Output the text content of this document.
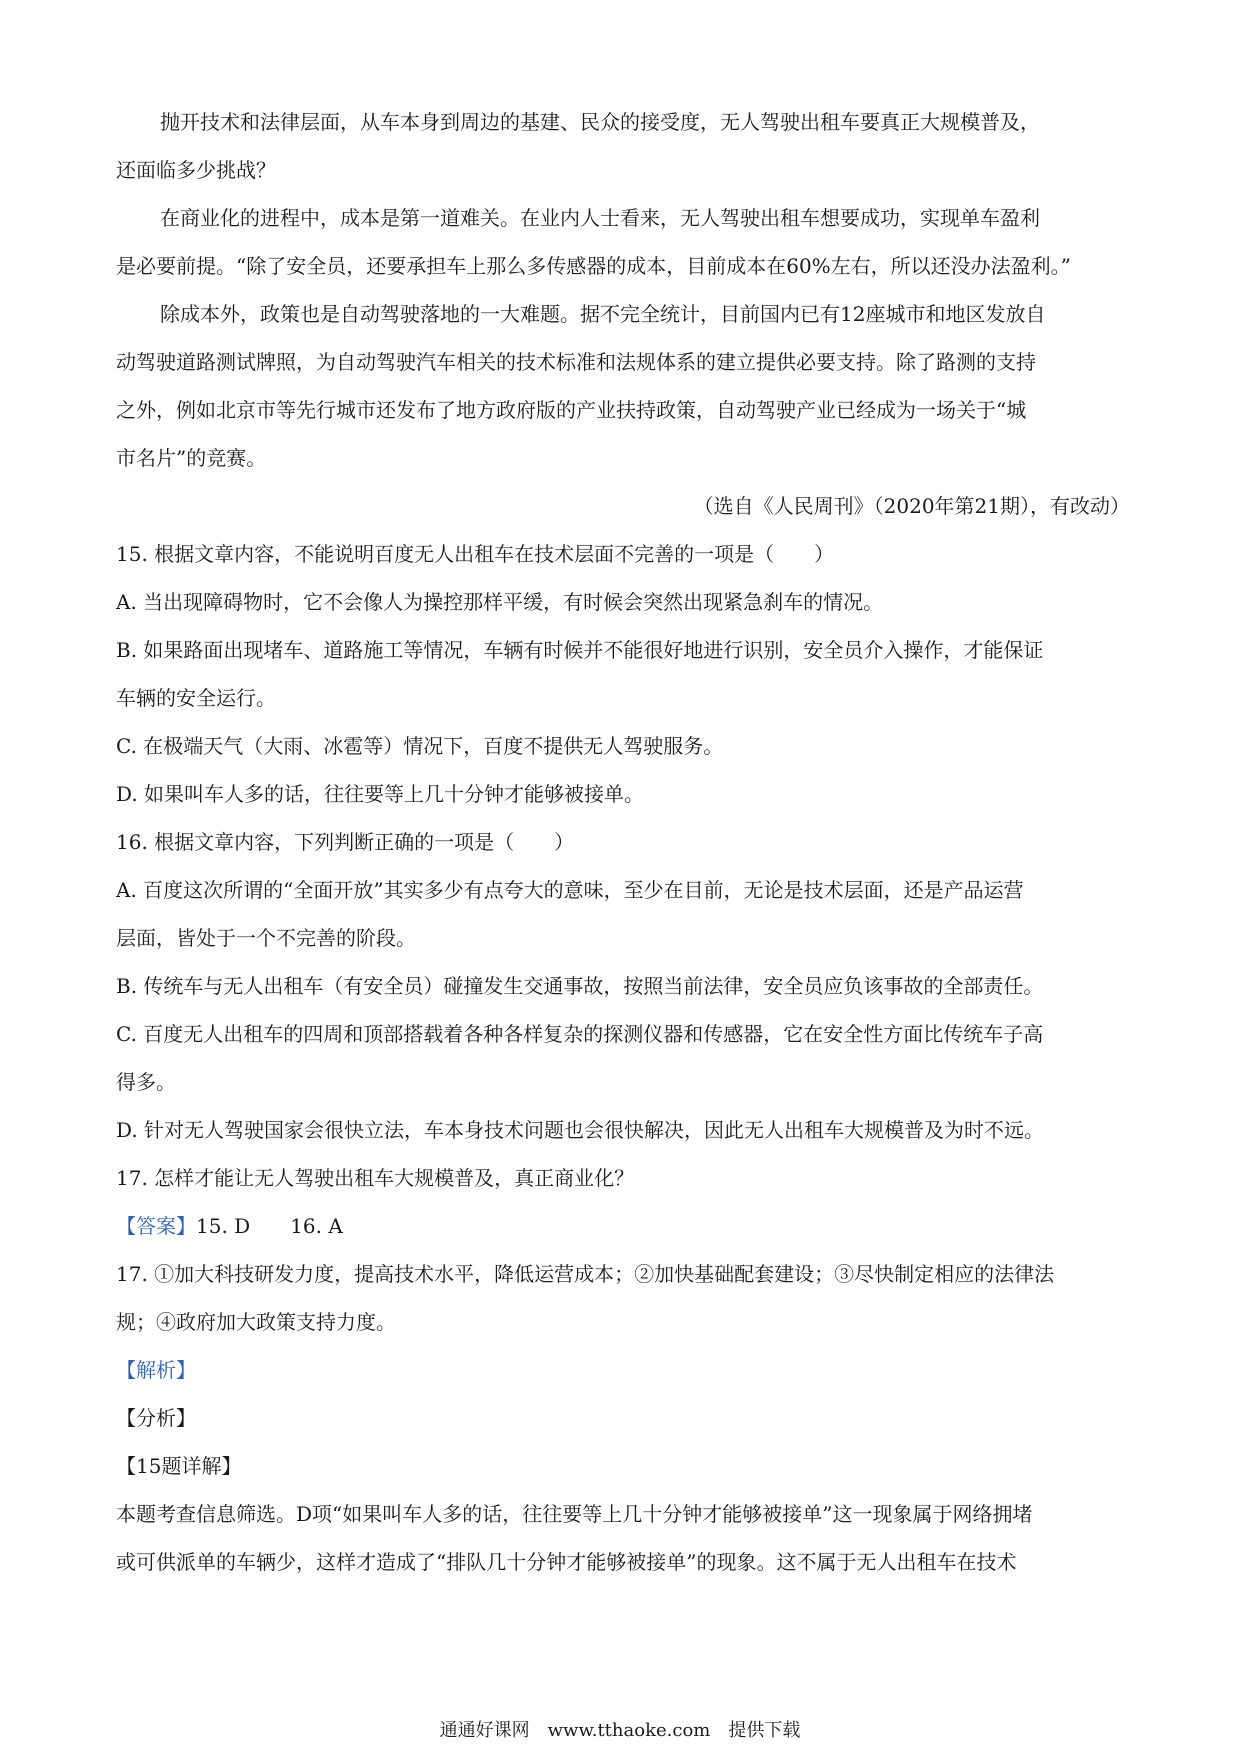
抛开技术和法律层面，从车本身到周边的基建、民众的接受度，无人驾驶出租车要真正大规模普及，
还面临多少挑战？
在商业化的进程中，成本是第一道难关。在业内人士看来，无人驾驶出租车想要成功，实现单车盈利
是必要前提。“除了安全员，还要承担车上那么多传感器的成本，目前成本在60%左右，所以还没办法盈利。”
除成本外，政策也是自动驾驶落地的一大难题。据不完全统计，目前国内已有12座城市和地区发放自
动驾驶道路测试牌照，为自动驾驶汽车相关的技术标准和法规体系的建立提供必要支持。除了路测的支持
之外，例如北京市等先行城市还发布了地方政府版的产业扶持政策，自动驾驶产业已经成为一场关于“城
市名片”的竞赛。
（选自《人民周刊》（2020年第21期），有改动）
15. 根据文章内容，不能说明百度无人出租车在技术层面不完善的一项是（　　）
A. 当出现障碍物时，它不会像人为操控那样平缓，有时候会突然出现紧急刹车的情况。
B. 如果路面出现堵车、道路施工等情况，车辆有时候并不能很好地进行识别，安全员介入操作，才能保证
车辆的安全运行。
C. 在极端天气（大雨、冰雹等）情况下，百度不提供无人驾驶服务。
D. 如果叫车人多的话，往往要等上几十分钟才能够被接单。
16. 根据文章内容，下列判断正确的一项是（　　）
A. 百度这次所谓的“全面开放”其实多少有点夸大的意味，至少在目前，无论是技术层面，还是产品运营
层面，皆处于一个不完善的阶段。
B. 传统车与无人出租车（有安全员）碰撞发生交通事故，按照当前法律，安全员应负该事故的全部责任。
C. 百度无人出租车的四周和顶部搭载着各种各样复杂的探测仪器和传感器，它在安全性方面比传统车子高
得多。
D. 针对无人驾驶国家会很快立法，车本身技术问题也会很快解决，因此无人出租车大规模普及为时不远。
17. 怎样才能让无人驾驶出租车大规模普及，真正商业化？
【答案】15. D　　16. A
17. ①加大科技研发力度，提高技术水平，降低运营成本；②加快基础配套建设；③尽快制定相应的法律法
规；④政府加大政策支持力度。
【解析】
【分析】
【15题详解】
本题考查信息筛选。D项“如果叫车人多的话，往往要等上几十分钟才能够被接单”这一现象属于网络拥堵
或可供派单的车辆少，这样才造成了“排队几十分钟才能够被接单”的现象。这不属于无人出租车在技术
通通好课网　www.tthaoke.com　提供下载
